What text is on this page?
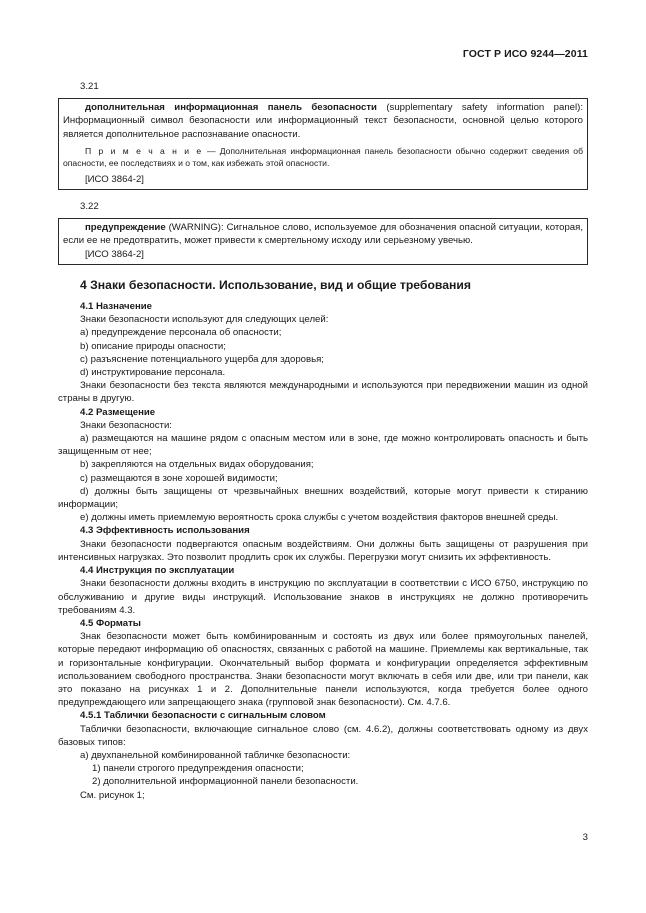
ГОСТ Р ИСО 9244—2011
3.21

дополнительная информационная панель безопасности (supplementary safety information panel): Информационный символ безопасности или информационный текст безопасности, основной целью которого является дополнительное распознавание опасности.

П р и м е ч а н и е — Дополнительная информационная панель безопасности обычно содержит сведения об опасности, ее последствиях и о том, как избежать этой опасности.

[ИСО 3864-2]
3.22

предупреждение (WARNING): Сигнальное слово, используемое для обозначения опасной ситуации, которая, если ее не предотвратить, может привести к смертельному исходу или серьезному увечью.

[ИСО 3864-2]
4 Знаки безопасности. Использование, вид и общие требования
4.1 Назначение
Знаки безопасности используют для следующих целей:
a) предупреждение персонала об опасности;
b) описание природы опасности;
c) разъяснение потенциального ущерба для здоровья;
d) инструктирование персонала.

Знаки безопасности без текста являются международными и используются при передвижении машин из одной страны в другую.

4.2 Размещение
Знаки безопасности:

a) размещаются на машине рядом с опасным местом или в зоне, где можно контролировать опасность и быть защищенным от нее;

b) закрепляются на отдельных видах оборудования;
c) размещаются в зоне хорошей видимости;

d) должны быть защищены от чрезвычайных внешних воздействий, которые могут привести к стиранию информации;

e) должны иметь приемлемую вероятность срока службы с учетом воздействия факторов внешней среды.

4.3 Эффективность использования

Знаки безопасности подвергаются опасным воздействиям. Они должны быть защищены от разрушения при интенсивных нагрузках. Это позволит продлить срок их службы. Перегрузки могут снизить их эффективность.

4.4 Инструкция по эксплуатации

Знаки безопасности должны входить в инструкцию по эксплуатации в соответствии с ИСО 6750, инструкцию по обслуживанию и другие виды инструкций. Использование знаков в инструкциях не должно противоречить требованиям 4.3.

4.5 Форматы

Знак безопасности может быть комбинированным и состоять из двух или более прямоугольных панелей, которые передают информацию об опасностях, связанных с работой на машине. Приемлемы как вертикальные, так и горизонтальные конфигурации. Окончательный выбор формата и конфигурации определяется эффективным использованием свободного пространства. Знаки безопасности могут включать в себя или две, или три панели, как это показано на рисунках 1 и 2. Дополнительные панели используются, когда требуется более одного предупреждающего или запрещающего знака (групповой знак безопасности). См. 4.7.6.

4.5.1 Таблички безопасности с сигнальным словом

Таблички безопасности, включающие сигнальное слово (см. 4.6.2), должны соответствовать одному из двух базовых типов:

a) двухпанельной комбинированной табличке безопасности:
1) панели строгого предупреждения опасности;
2) дополнительной информационной панели безопасности.
См. рисунок 1;
3
